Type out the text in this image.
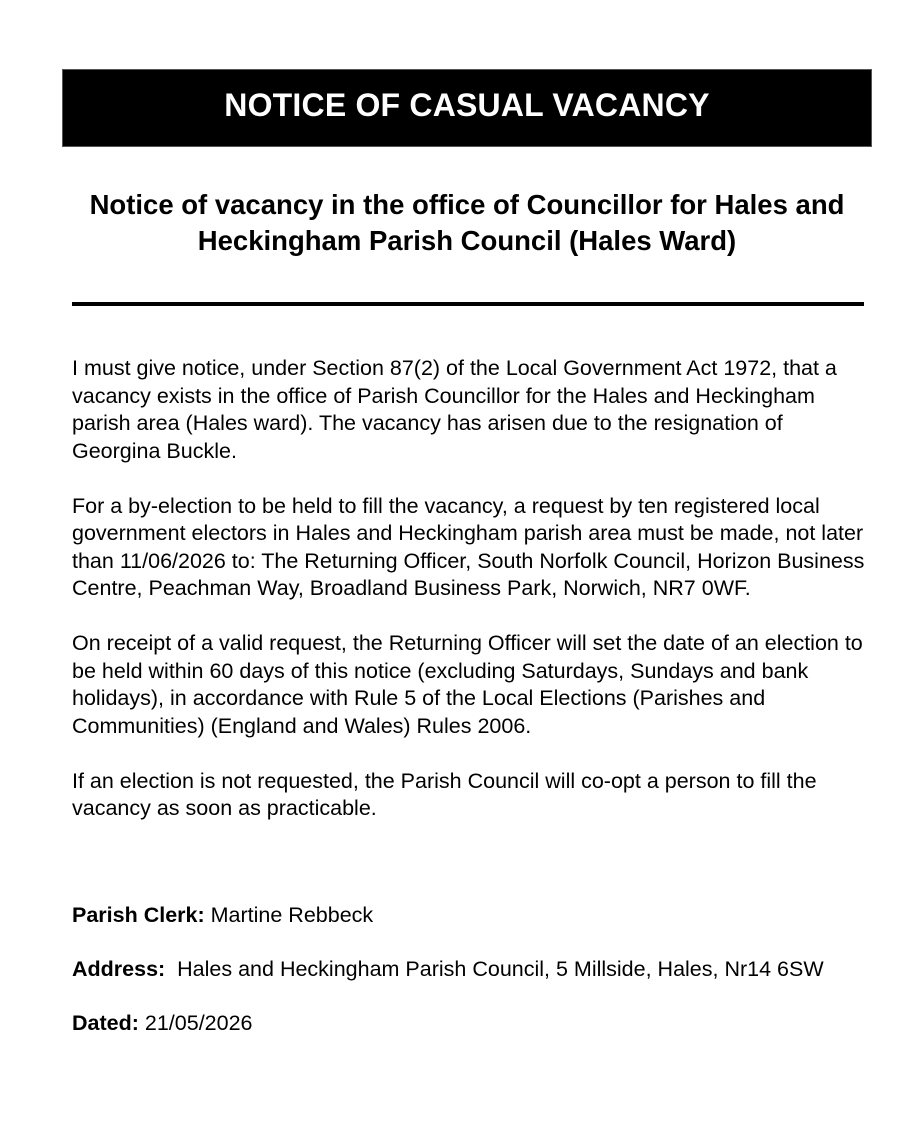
NOTICE OF CASUAL VACANCY
Notice of vacancy in the office of Councillor for Hales and Heckingham Parish Council (Hales Ward)

I must give notice, under Section 87(2) of the Local Government Act 1972, that a vacancy exists in the office of Parish Councillor for the Hales and Heckingham parish area (Hales ward). The vacancy has arisen due to the resignation of Georgina Buckle.

For a by-election to be held to fill the vacancy, a request by ten registered local government electors in Hales and Heckingham parish area must be made, not later than 11/06/2026 to: The Returning Officer, South Norfolk Council, Horizon Business Centre, Peachman Way, Broadland Business Park, Norwich, NR7 0WF.

On receipt of a valid request, the Returning Officer will set the date of an election to be held within 60 days of this notice (excluding Saturdays, Sundays and bank holidays), in accordance with Rule 5 of the Local Elections (Parishes and Communities) (England and Wales) Rules 2006.

If an election is not requested, the Parish Council will co-opt a person to fill the vacancy as soon as practicable.

Parish Clerk: Martine Rebbeck

Address: Hales and Heckingham Parish Council, 5 Millside, Hales, Nr14 6SW

Dated: 21/05/2026
